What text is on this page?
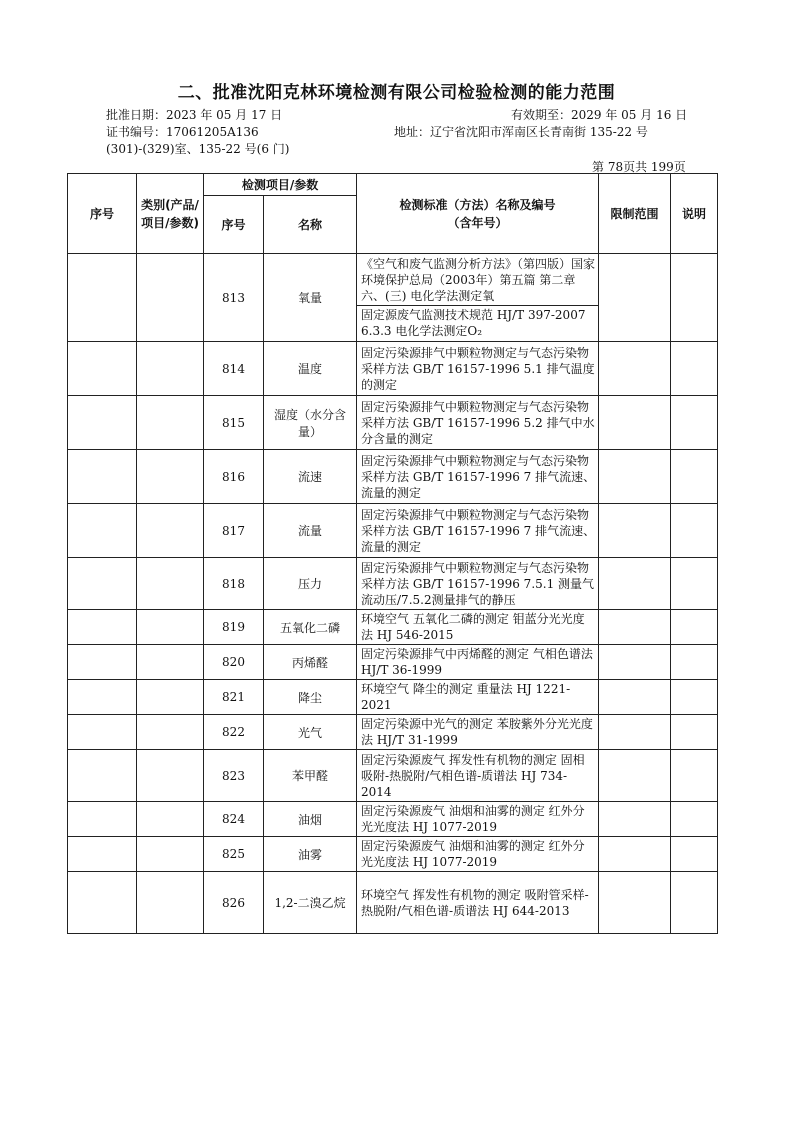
二、批准沈阳克林环境检测有限公司检验检测的能力范围
批准日期：2023 年 05 月 17 日	有效期至：2029 年 05 月 16 日
证书编号：17061205A136	地址：辽宁省沈阳市浑南区长青南街 135-22 号
(301)-(329)室、135-22 号(6 门)
第 78页共 199页
序号	类别(产品/项目/参数)	检测项目/参数		检测标准（方法）名称及编号（含年号）	限制范围	说明
		序号	名称			
		813	氧量	《空气和废气监测分析方法》（第四版）国家环境保护总局（2003年）第五篇 第二章 六、(三) 电化学法测定氧
固定源废气监测技术规范 HJ/T 397-2007 6.3.3 电化学法测定O₂		

		814	温度	固定污染源排气中颗粒物测定与气态污染物采样方法 GB/T 16157-1996 5.1 排气温度的测定		

		815	湿度（水分含量）	固定污染源排气中颗粒物测定与气态污染物采样方法 GB/T 16157-1996 5.2 排气中水分含量的测定		

		816	流速	固定污染源排气中颗粒物测定与气态污染物采样方法 GB/T 16157-1996 7 排气流速、流量的测定		

		817	流量	固定污染源排气中颗粒物测定与气态污染物采样方法 GB/T 16157-1996 7 排气流速、流量的测定		

		818	压力	固定污染源排气中颗粒物测定与气态污染物采样方法 GB/T 16157-1996 7.5.1 测量气流动压/7.5.2测量排气的静压		

		819	五氧化二磷	环境空气 五氧化二磷的测定 钼蓝分光光度法 HJ 546-2015		

		820	丙烯醛	固定污染源排气中丙烯醛的测定 气相色谱法 HJ/T 36-1999		

		821	降尘	环境空气 降尘的测定 重量法 HJ 1221-2021		

		822	光气	固定污染源中光气的测定 苯胺紫外分光光度法 HJ/T 31-1999		

		823	苯甲醛	固定污染源废气 挥发性有机物的测定 固相吸附-热脱附/气相色谱-质谱法 HJ 734-2014		

		824	油烟	固定污染源废气 油烟和油雾的测定 红外分光光度法 HJ 1077-2019		

		825	油雾	固定污染源废气 油烟和油雾的测定 红外分光光度法 HJ 1077-2019		

		826	1,2-二溴乙烷	环境空气 挥发性有机物的测定 吸附管采样-热脱附/气相色谱-质谱法 HJ 644-2013		
